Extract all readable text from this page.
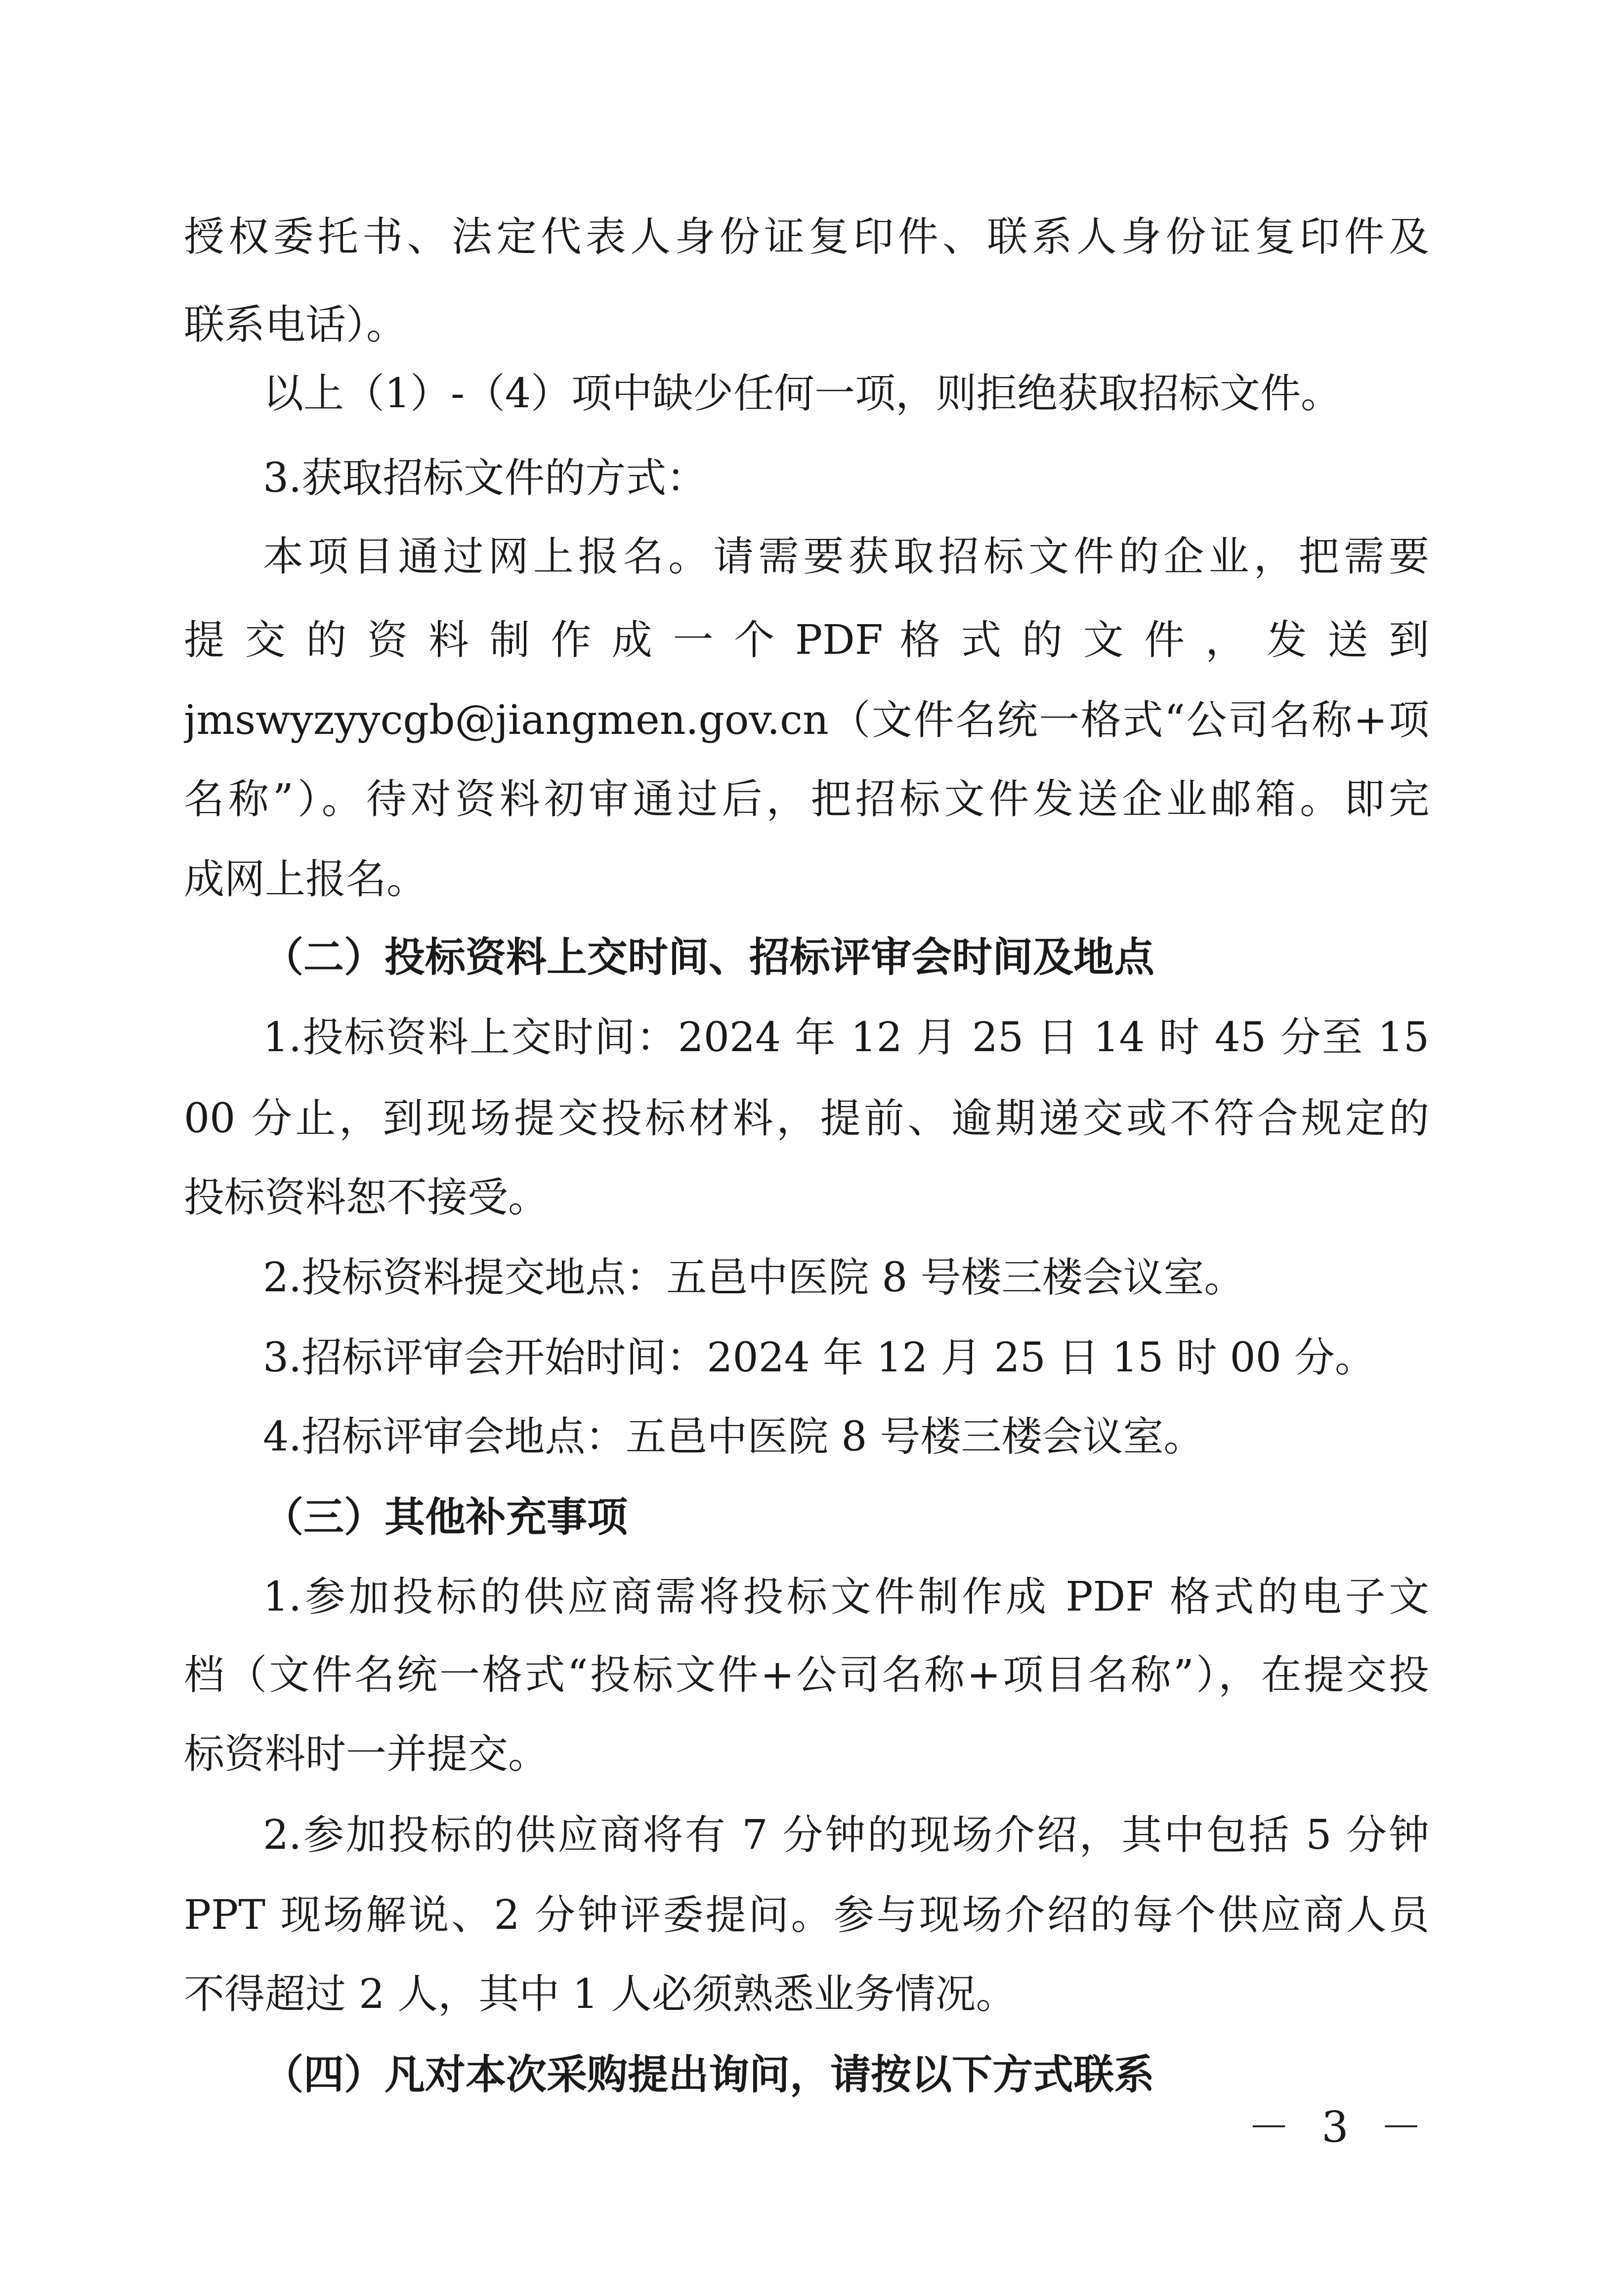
授权委托书、法定代表人身份证复印件、联系人身份证复印件及
联系电话）。
以上（1）-（4）项中缺少任何一项，则拒绝获取招标文件。
3.获取招标文件的方式：
本项目通过网上报名。请需要获取招标文件的企业，把需要
提 交 的 资 料 制 作 成 一 个 PDF 格 式 的 文 件 ， 发 送 到
jmswyzyycgb@jiangmen.gov.cn（文件名统一格式“公司名称+项
名称”）。待对资料初审通过后，把招标文件发送企业邮箱。即完
成网上报名。
（二）投标资料上交时间、招标评审会时间及地点
1.投标资料上交时间：2024 年 12 月 25 日 14 时 45 分至 15
00 分止，到现场提交投标材料，提前、逾期递交或不符合规定的
投标资料恕不接受。
2.投标资料提交地点：五邑中医院 8 号楼三楼会议室。
3.招标评审会开始时间：2024 年 12 月 25 日 15 时 00 分。
4.招标评审会地点：五邑中医院 8 号楼三楼会议室。
（三）其他补充事项
1.参加投标的供应商需将投标文件制作成 PDF 格式的电子文
档（文件名统一格式“投标文件+公司名称+项目名称”），在提交投
标资料时一并提交。
2.参加投标的供应商将有 7 分钟的现场介绍，其中包括 5 分钟
PPT 现场解说、2 分钟评委提问。参与现场介绍的每个供应商人员
不得超过 2 人，其中 1 人必须熟悉业务情况。
（四）凡对本次采购提出询问，请按以下方式联系
－ 3 －
